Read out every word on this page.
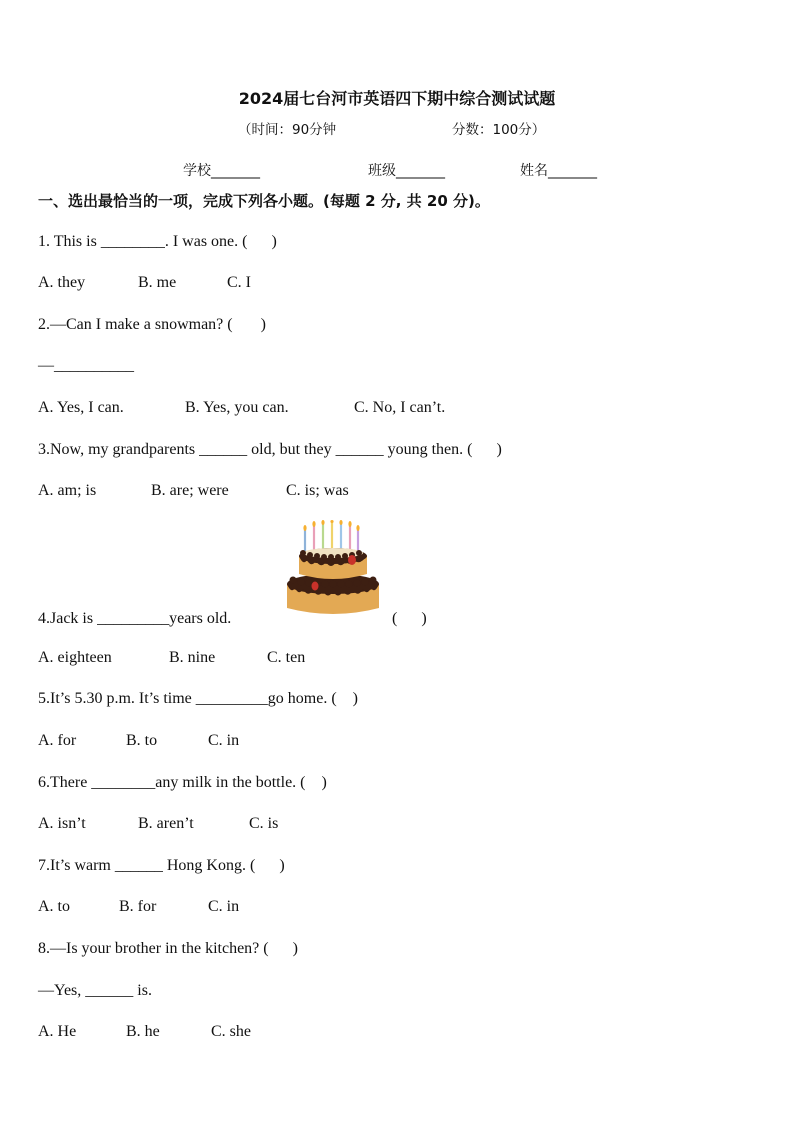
2024届七台河市英语四下期中综合测试试题
（时间：90分钟	分数：100分）
学校_______	班级_______	姓名_______
一、选出最恰当的一项，完成下列各小题。(每题 2 分, 共 20 分)。
1. This is ________. I was one. (      )
A. they	B. me	C. I
2.—Can I make a snowman? (       )
—__________
A. Yes, I can.	B. Yes, you can.	C. No, I can’t.
3.Now, my grandparents ______ old, but they ______ young then. (      )
A. am; is	B. are; were	C. is; was
4.Jack is _________years old.	(      )
A. eighteen	B. nine	C. ten
5.It’s 5.30 p.m. It’s time _________go home. (    )
A. for	B. to	C. in
6.There ________any milk in the bottle. (    )
A. isn’t	B. aren’t	C. is
7.It’s warm ______ Hong Kong. (      )
A. to	B. for	C. in
8.—Is your brother in the kitchen? (      )
—Yes, ______ is.
A. He	B. he	C. she
